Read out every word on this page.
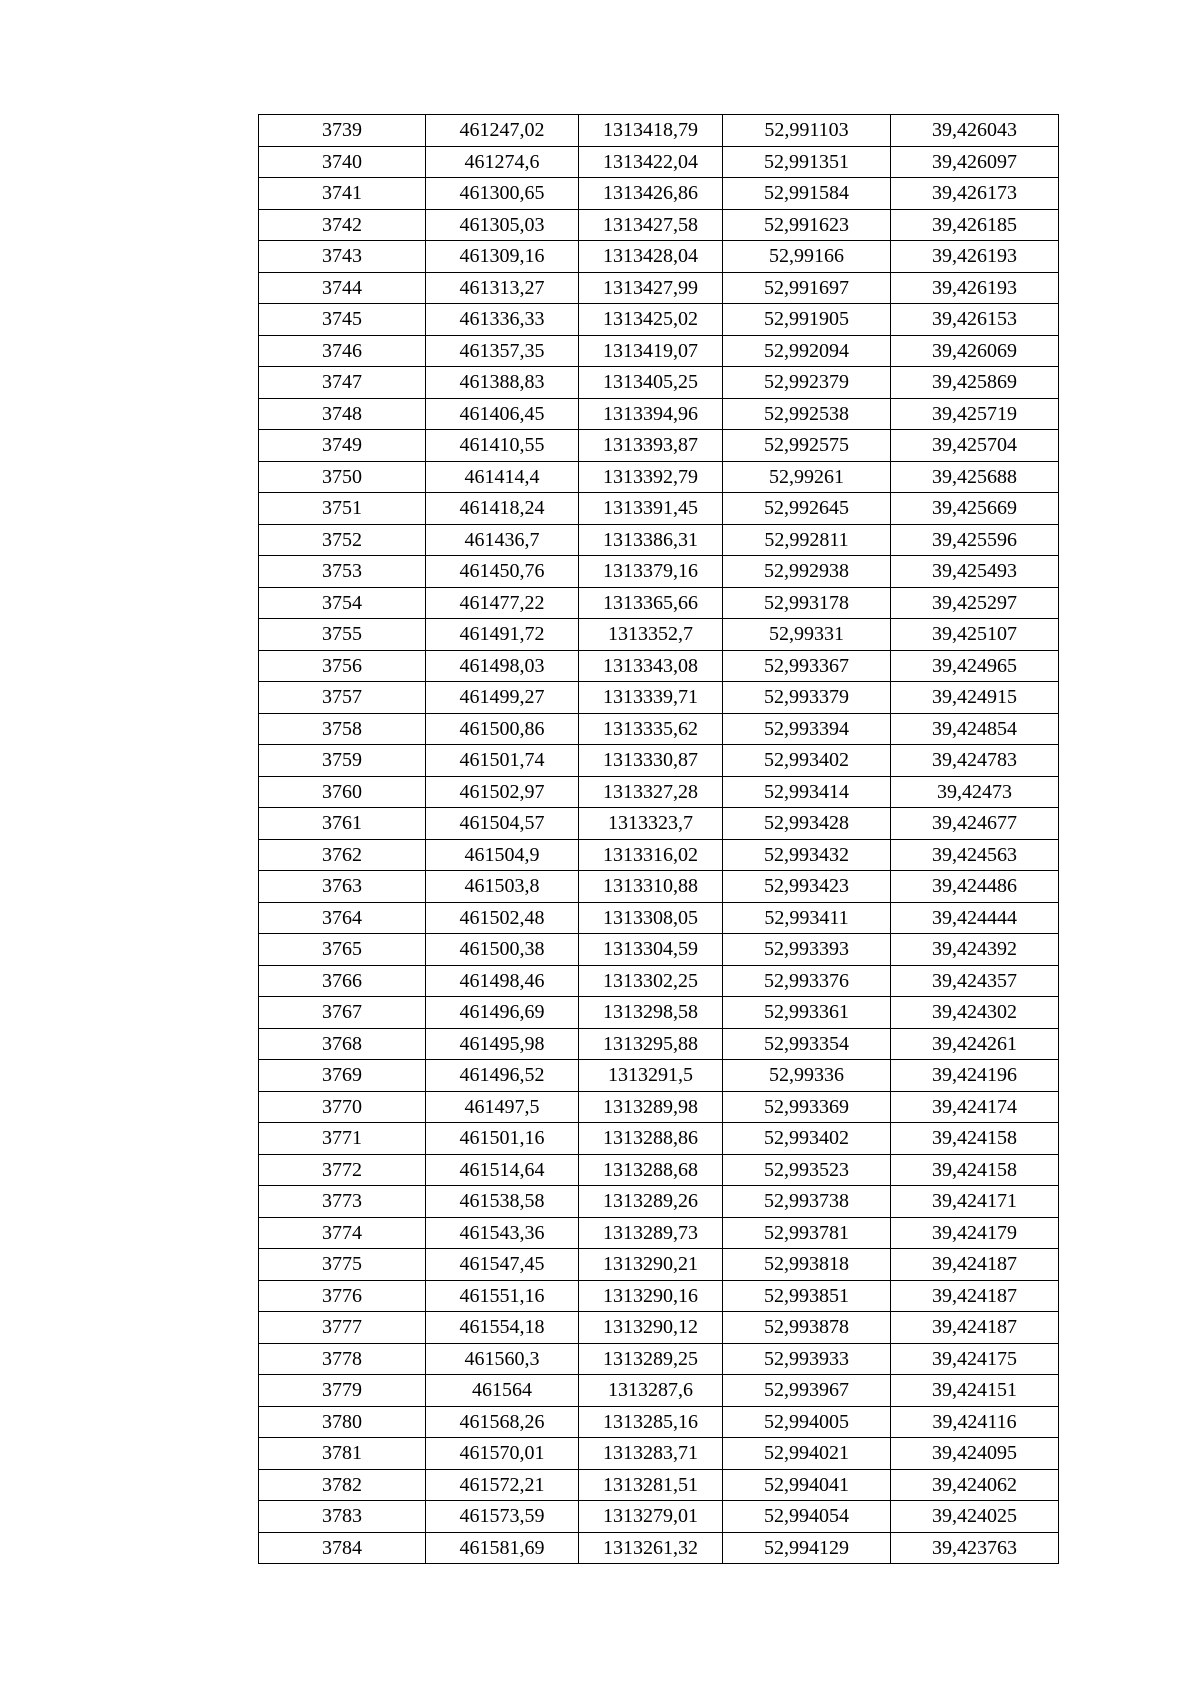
3739	461247,02	1313418,79	52,991103	39,426043
3740	461274,6	1313422,04	52,991351	39,426097
3741	461300,65	1313426,86	52,991584	39,426173
3742	461305,03	1313427,58	52,991623	39,426185
3743	461309,16	1313428,04	52,99166	39,426193
3744	461313,27	1313427,99	52,991697	39,426193
3745	461336,33	1313425,02	52,991905	39,426153
3746	461357,35	1313419,07	52,992094	39,426069
3747	461388,83	1313405,25	52,992379	39,425869
3748	461406,45	1313394,96	52,992538	39,425719
3749	461410,55	1313393,87	52,992575	39,425704
3750	461414,4	1313392,79	52,99261	39,425688
3751	461418,24	1313391,45	52,992645	39,425669
3752	461436,7	1313386,31	52,992811	39,425596
3753	461450,76	1313379,16	52,992938	39,425493
3754	461477,22	1313365,66	52,993178	39,425297
3755	461491,72	1313352,7	52,99331	39,425107
3756	461498,03	1313343,08	52,993367	39,424965
3757	461499,27	1313339,71	52,993379	39,424915
3758	461500,86	1313335,62	52,993394	39,424854
3759	461501,74	1313330,87	52,993402	39,424783
3760	461502,97	1313327,28	52,993414	39,42473
3761	461504,57	1313323,7	52,993428	39,424677
3762	461504,9	1313316,02	52,993432	39,424563
3763	461503,8	1313310,88	52,993423	39,424486
3764	461502,48	1313308,05	52,993411	39,424444
3765	461500,38	1313304,59	52,993393	39,424392
3766	461498,46	1313302,25	52,993376	39,424357
3767	461496,69	1313298,58	52,993361	39,424302
3768	461495,98	1313295,88	52,993354	39,424261
3769	461496,52	1313291,5	52,99336	39,424196
3770	461497,5	1313289,98	52,993369	39,424174
3771	461501,16	1313288,86	52,993402	39,424158
3772	461514,64	1313288,68	52,993523	39,424158
3773	461538,58	1313289,26	52,993738	39,424171
3774	461543,36	1313289,73	52,993781	39,424179
3775	461547,45	1313290,21	52,993818	39,424187
3776	461551,16	1313290,16	52,993851	39,424187
3777	461554,18	1313290,12	52,993878	39,424187
3778	461560,3	1313289,25	52,993933	39,424175
3779	461564	1313287,6	52,993967	39,424151
3780	461568,26	1313285,16	52,994005	39,424116
3781	461570,01	1313283,71	52,994021	39,424095
3782	461572,21	1313281,51	52,994041	39,424062
3783	461573,59	1313279,01	52,994054	39,424025
3784	461581,69	1313261,32	52,994129	39,423763
